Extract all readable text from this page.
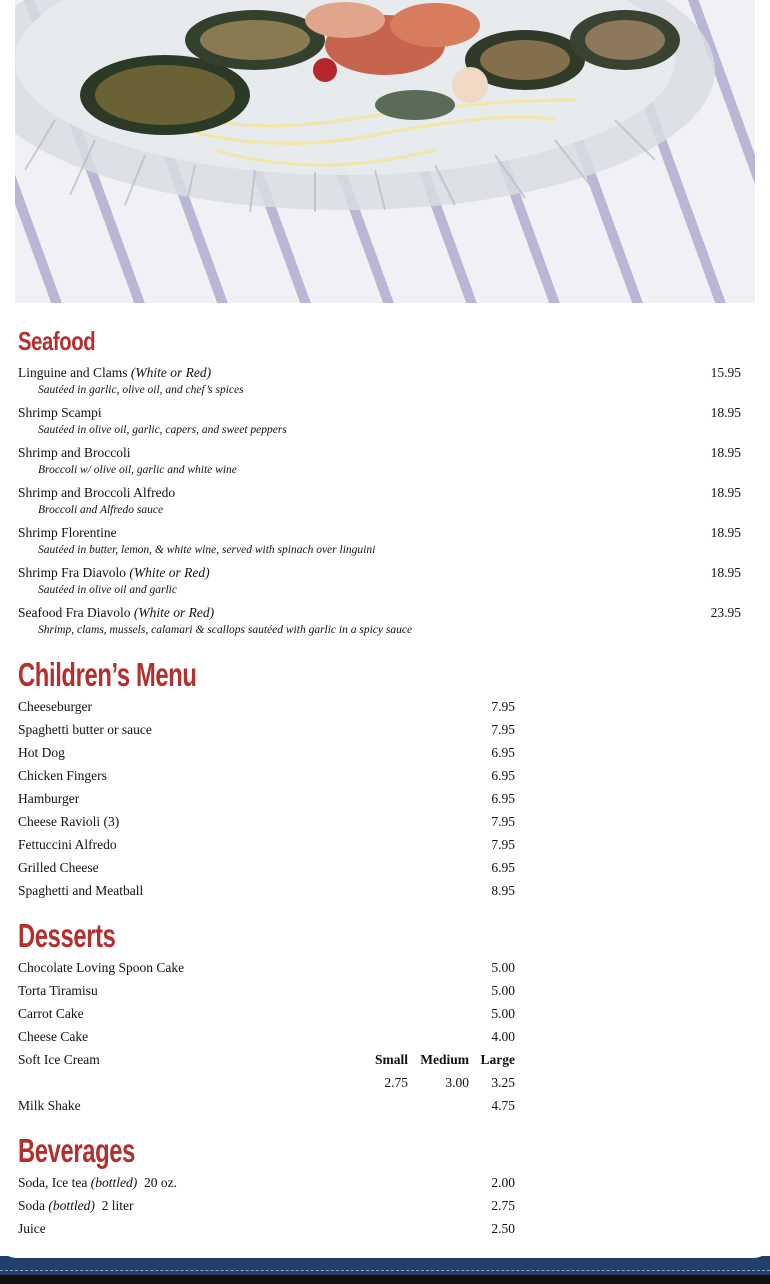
Seafood
Linguine and Clams (White or Red)
Sautéed in garlic, olive oil, and chef’s spices
15.95
Shrimp Scampi
Sautéed in olive oil, garlic, capers, and sweet peppers
18.95
Shrimp and Broccoli
Broccoli w/ olive oil, garlic and white wine
18.95
Shrimp and Broccoli Alfredo
Broccoli and Alfredo sauce
18.95
Shrimp Florentine
Sautéed in butter, lemon, & white wine, served with spinach over linguini
18.95
Shrimp Fra Diavolo (White or Red)
Sautéed in olive oil and garlic
18.95
Seafood Fra Diavolo (White or Red)
Shrimp, clams, mussels, calamari & scallops sautéed with garlic in a spicy sauce
23.95
Children’s Menu
Cheeseburger	7.95
Spaghetti butter or sauce	7.95
Hot Dog	6.95
Chicken Fingers	6.95
Hamburger	6.95
Cheese Ravioli (3)	7.95
Fettuccini Alfredo	7.95
Grilled Cheese	6.95
Spaghetti and Meatball	8.95
Desserts
Chocolate Loving Spoon Cake	5.00
Torta Tiramisu	5.00
Carrot Cake	5.00
Cheese Cake	4.00
Soft Ice Cream	Small Medium Large
2.75	3.00	3.25
Milk Shake	4.75
Beverages
Soda, Ice tea (bottled) 20 oz.	2.00
Soda (bottled) 2 liter	2.75
Juice	2.50
